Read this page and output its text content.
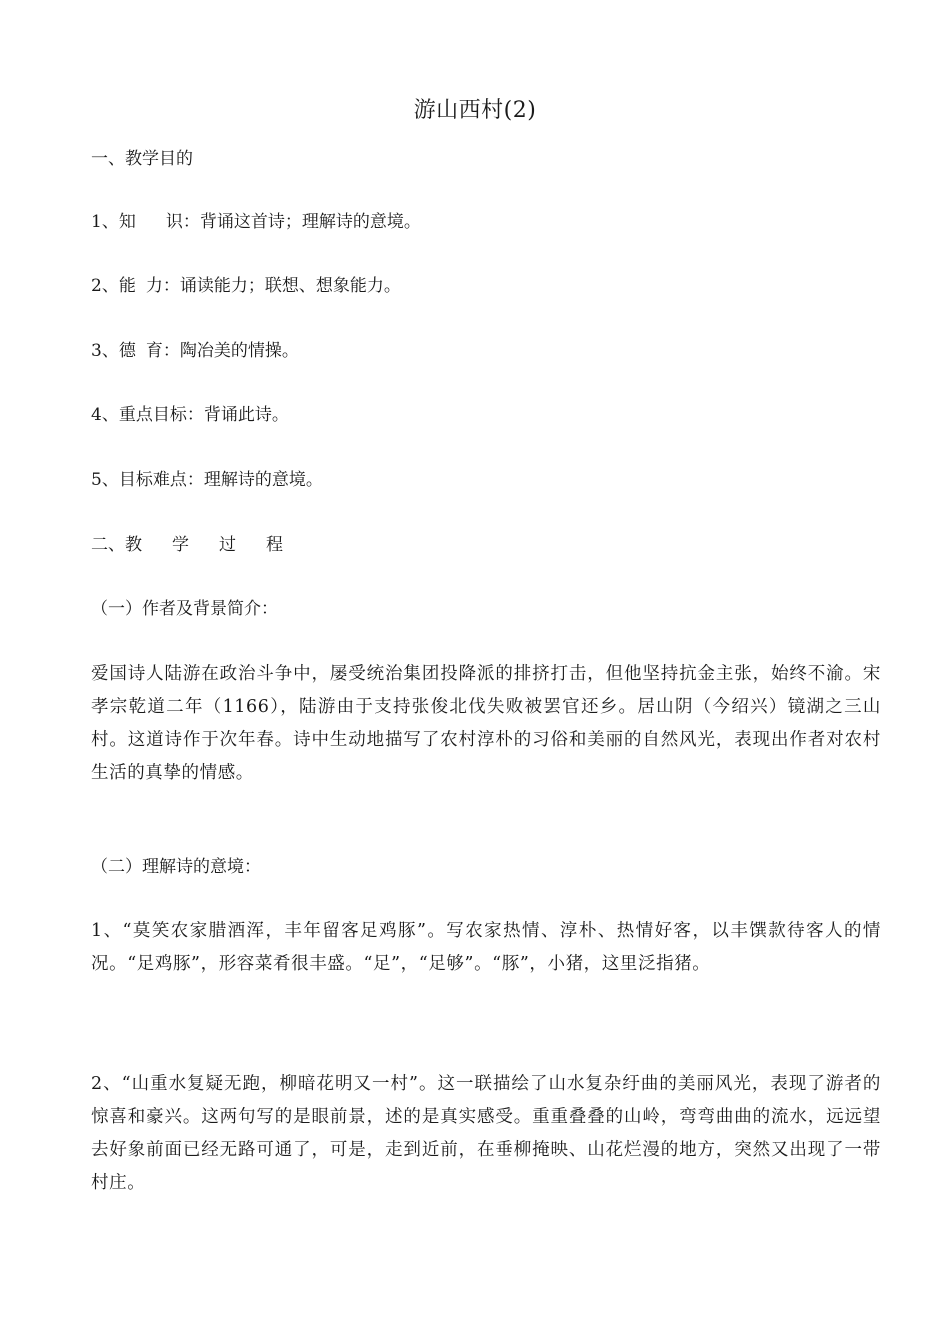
游山西村(2)
一、教学目的
1、知 识：背诵这首诗；理解诗的意境。
2、能 力：诵读能力；联想、想象能力。
3、德 育：陶冶美的情操。
4、重点目标：背诵此诗。
5、目标难点：理解诗的意境。
二、教 学 过 程
（一）作者及背景简介：
爱国诗人陆游在政治斗争中，屡受统治集团投降派的排挤打击，但他坚持抗金主张，始终不渝。宋孝宗乾道二年（1166），陆游由于支持张俊北伐失败被罢官还乡。居山阴（今绍兴）镜湖之三山村。这道诗作于次年春。诗中生动地描写了农村淳朴的习俗和美丽的自然风光，表现出作者对农村生活的真挚的情感。
（二）理解诗的意境：
1、“莫笑农家腊酒浑，丰年留客足鸡豚”。写农家热情、淳朴、热情好客，以丰馔款待客人的情况。“足鸡豚”，形容菜肴很丰盛。“足”，“足够”。“豚”，小猪，这里泛指猪。
2、“山重水复疑无跑，柳暗花明又一村”。这一联描绘了山水复杂纡曲的美丽风光，表现了游者的惊喜和豪兴。这两句写的是眼前景，述的是真实感受。重重叠叠的山岭，弯弯曲曲的流水，远远望去好象前面已经无路可通了，可是，走到近前，在垂柳掩映、山花烂漫的地方，突然又出现了一带村庄。
